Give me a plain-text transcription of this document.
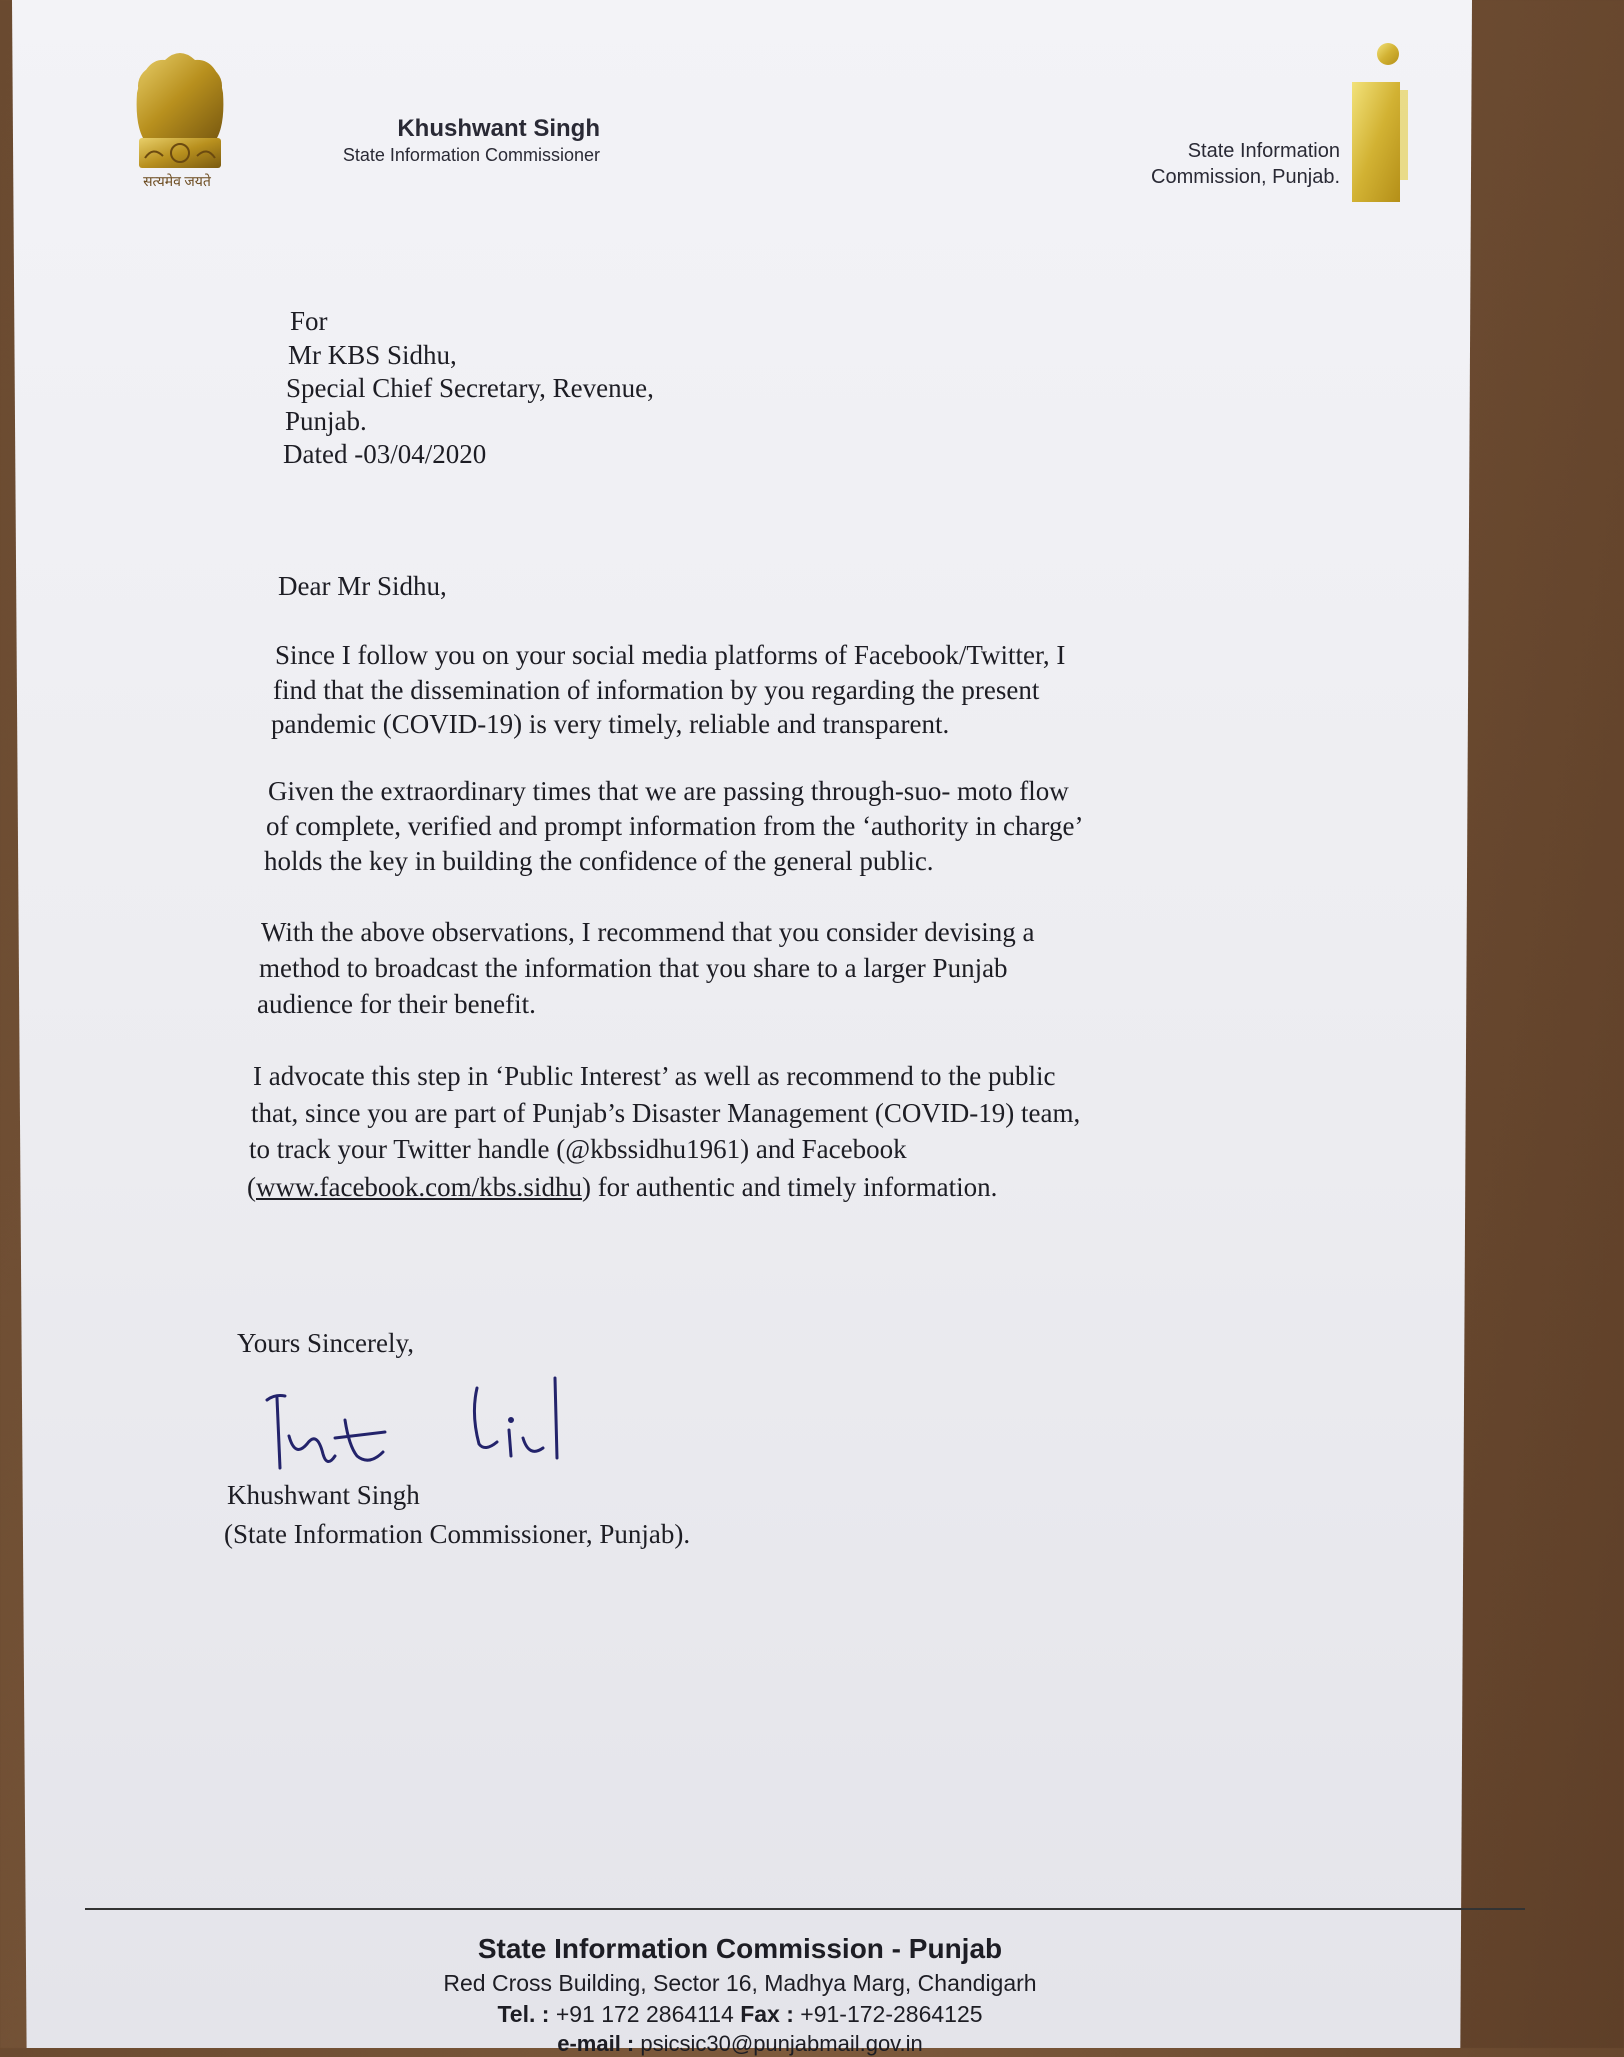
सत्यमेव जयते
Khushwant Singh
State Information Commissioner	State Information
Commission, Punjab.
For
Mr KBS Sidhu,
Special Chief Secretary, Revenue,
Punjab.
Dated -03/04/2020
Dear Mr Sidhu,
Since I follow you on your social media platforms of Facebook/Twitter, I
find that the dissemination of information by you regarding the present
pandemic (COVID-19) is very timely, reliable and transparent.
Given the extraordinary times that we are passing through-suo- moto flow
of complete, verified and prompt information from the ‘authority in charge’
holds the key in building the confidence of the general public.
With the above observations, I recommend that you consider devising a
method to broadcast the information that you share to a larger Punjab
audience for their benefit.
I advocate this step in ‘Public Interest’ as well as recommend to the public
that, since you are part of Punjab’s Disaster Management (COVID-19) team,
to track your Twitter handle (@kbssidhu1961) and Facebook
(www.facebook.com/kbs.sidhu) for authentic and timely information.
Yours Sincerely,
Khushwant Singh
(State Information Commissioner, Punjab).
State Information Commission - Punjab
Red Cross Building, Sector 16, Madhya Marg, Chandigarh
Tel. : +91 172 2864114 Fax : +91-172-2864125
e-mail : psicsic30@punjabmail.gov.in
